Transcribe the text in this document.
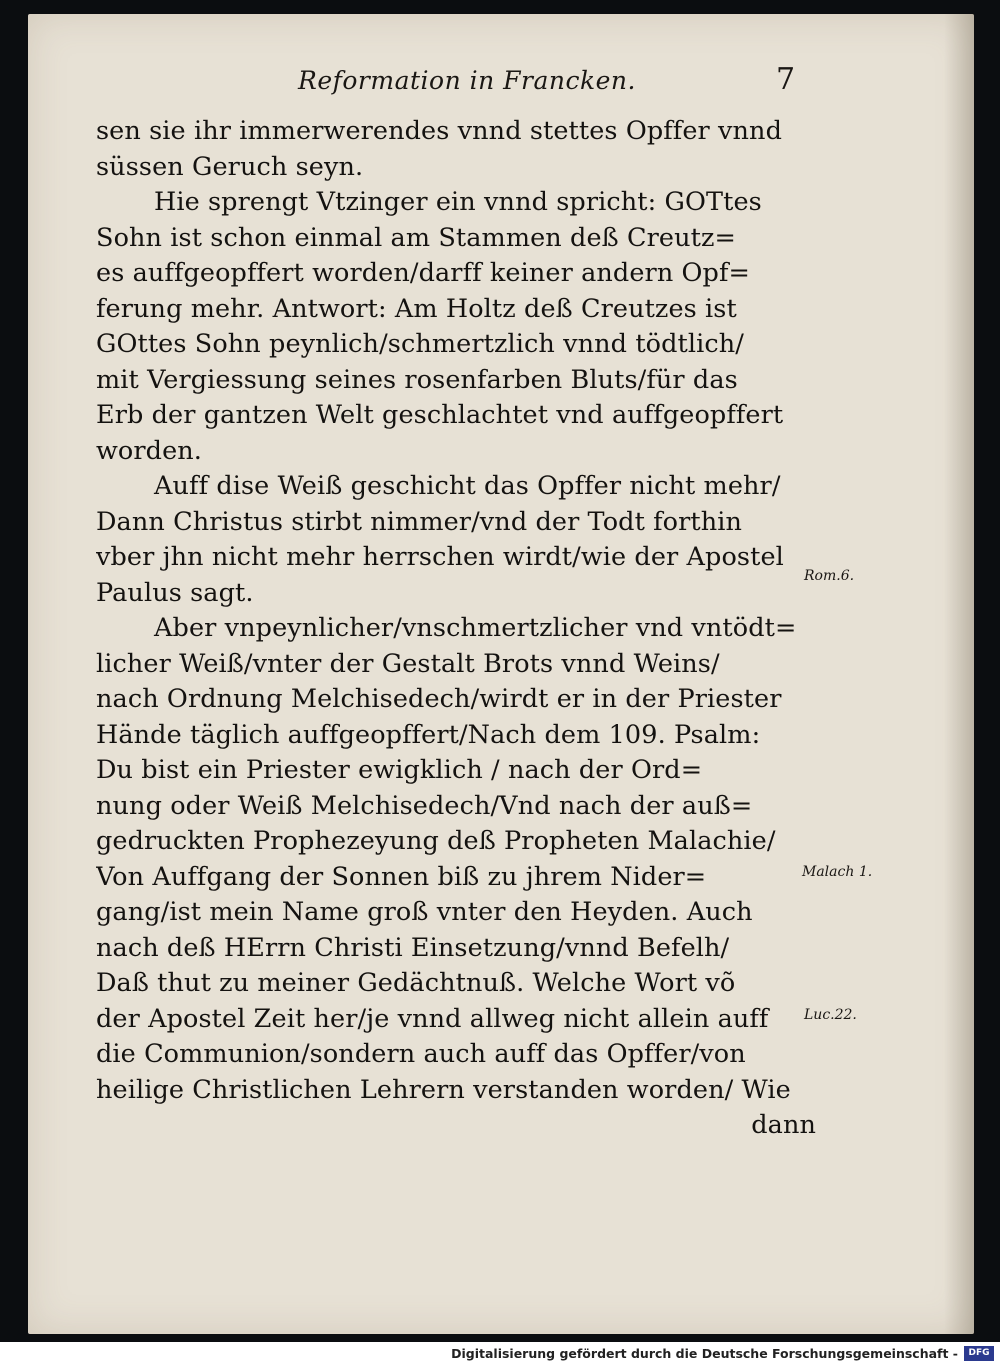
Reformation in Francken.	7
sen sie ihr immerwerendes vnnd stettes Opffer vnnd
süssen Geruch seyn.
Hie sprengt Vtzinger ein vnnd spricht: GOTtes
Sohn ist schon einmal am Stammen deß Creutz=
es auffgeopffert worden/darff keiner andern Opf=
ferung mehr. Antwort: Am Holtz deß Creutzes ist
GOttes Sohn peynlich/schmertzlich vnnd tödtlich/
mit Vergiessung seines rosenfarben Bluts/für das
Erb der gantzen Welt geschlachtet vnd auffgeopffert
worden.
Auff dise Weiß geschicht das Opffer nicht mehr/
Dann Christus stirbt nimmer/vnd der Todt forthin
vber jhn nicht mehr herrschen wirdt/wie der Apostel
Paulus sagt.
Aber vnpeynlicher/vnschmertzlicher vnd vntödt=
licher Weiß/vnter der Gestalt Brots vnnd Weins/
nach Ordnung Melchisedech/wirdt er in der Priester
Hände täglich auffgeopffert/Nach dem 109. Psalm:
Du bist ein Priester ewigklich / nach der Ord=
nung oder Weiß Melchisedech/Vnd nach der auß=
gedruckten Prophezeyung deß Propheten Malachie/
Von Auffgang der Sonnen biß zu jhrem Nider=
gang/ist mein Name groß vnter den Heyden. Auch
nach deß HErrn Christi Einsetzung/vnnd Befelh/
Daß thut zu meiner Gedächtnuß. Welche Wort võ
der Apostel Zeit her/je vnnd allweg nicht allein auff
die Communion/sondern auch auff das Opffer/von
heilige Christlichen Lehrern verstanden worden/ Wie
dann
Rom.6.
Malach 1.
Luc.22.
Digitalisierung gefördert durch die Deutsche Forschungsgemeinschaft -	DFG
